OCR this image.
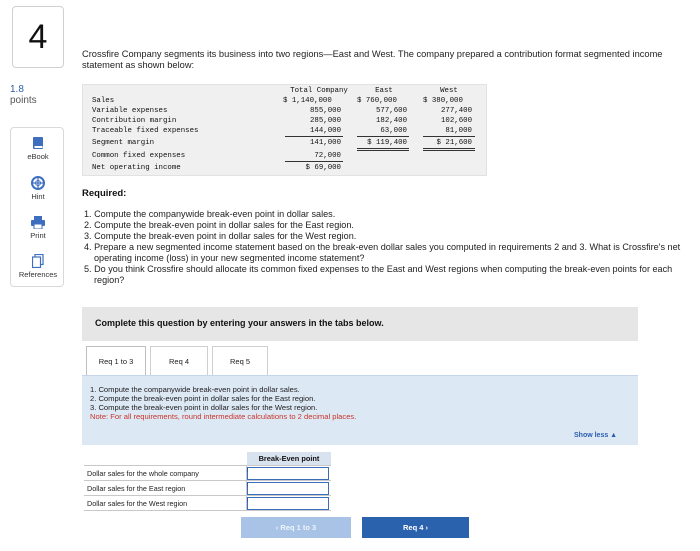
4
1.8
points
eBook
Hint
Print
References
Crossfire Company segments its business into two regions—East and West. The company prepared a contribution format segmented income statement as shown below:
Total Company	East	West
Sales	$ 1,140,000	$ 760,000	$ 380,000
Variable expenses	855,000	577,600	277,400
Contribution margin	285,000	182,400	102,600
Traceable fixed expenses	144,000	63,000	81,000
Segment margin	141,000	$ 119,400	$ 21,600
Common fixed expenses	72,000
Net operating income	$ 69,000
Required:
1. Compute the companywide break-even point in dollar sales.
2. Compute the break-even point in dollar sales for the East region.
3. Compute the break-even point in dollar sales for the West region.
4. Prepare a new segmented income statement based on the break-even dollar sales you computed in requirements 2 and 3. What is Crossfire's net operating income (loss) in your new segmented income statement?
5. Do you think Crossfire should allocate its common fixed expenses to the East and West regions when computing the break-even points for each region?
Complete this question by entering your answers in the tabs below.
Req 1 to 3	Req 4	Req 5
1. Compute the companywide break-even point in dollar sales.
2. Compute the break-even point in dollar sales for the East region.
3. Compute the break-even point in dollar sales for the West region.
Note: For all requirements, round intermediate calculations to 2 decimal places.
Show less ▲
Break-Even point
Dollar sales for the whole company
Dollar sales for the East region
Dollar sales for the West region
‹ Req 1 to 3	Req 4 ›
